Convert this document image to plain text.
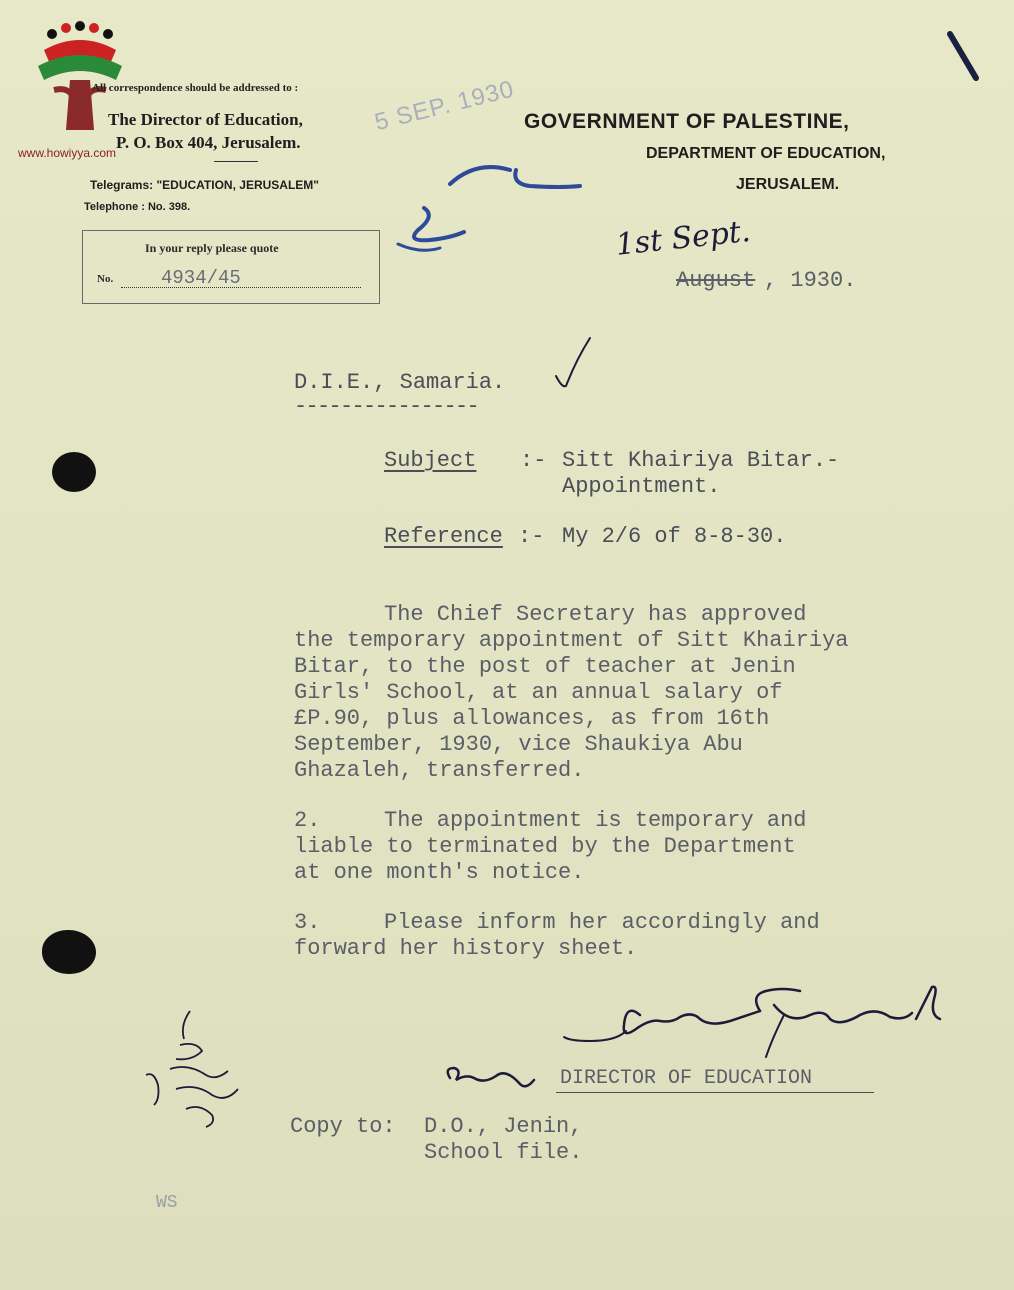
www.howiyya.com
All correspondence should be addressed to :
The Director of Education,
P. O. Box 404, Jerusalem.
Telegrams: "EDUCATION, JERUSALEM"
Telephone : No. 398.
In your reply please quote
No.	4934/45
5 SEP. 1930 GOVERNMENT OF PALESTINE,
DEPARTMENT OF EDUCATION,
JERUSALEM.
1st Sept.
August , 1930.
D.I.E., Samaria.
----------------
Subject :- Sitt Khairiya Bitar.-
Appointment.
Reference :- My 2/6 of 8-8-30.
The Chief Secretary has approved
the temporary appointment of Sitt Khairiya
Bitar, to the post of teacher at Jenin
Girls' School, at an annual salary of
£P.90, plus allowances, as from 16th
September, 1930, vice Shaukiya Abu
Ghazaleh, transferred.
2.	The appointment is temporary and
liable to terminated by the Department
at one month's notice.
3.	Please inform her accordingly and
forward her history sheet.
DIRECTOR OF EDUCATION
Copy to: D.O., Jenin,
School file.
WS
